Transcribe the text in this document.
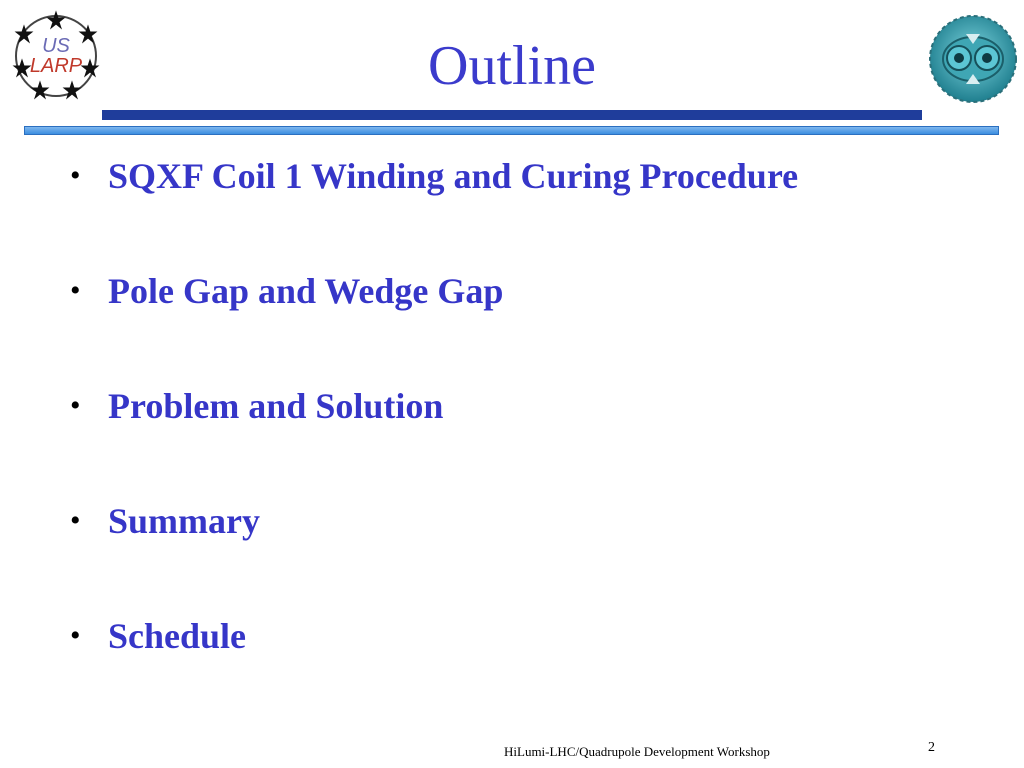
US
LARP	Outline
• SQXF Coil 1 Winding and Curing Procedure
• Pole Gap and Wedge Gap
• Problem and Solution
• Summary
• Schedule
HiLumi-LHC/Quadrupole Development Workshop	2
